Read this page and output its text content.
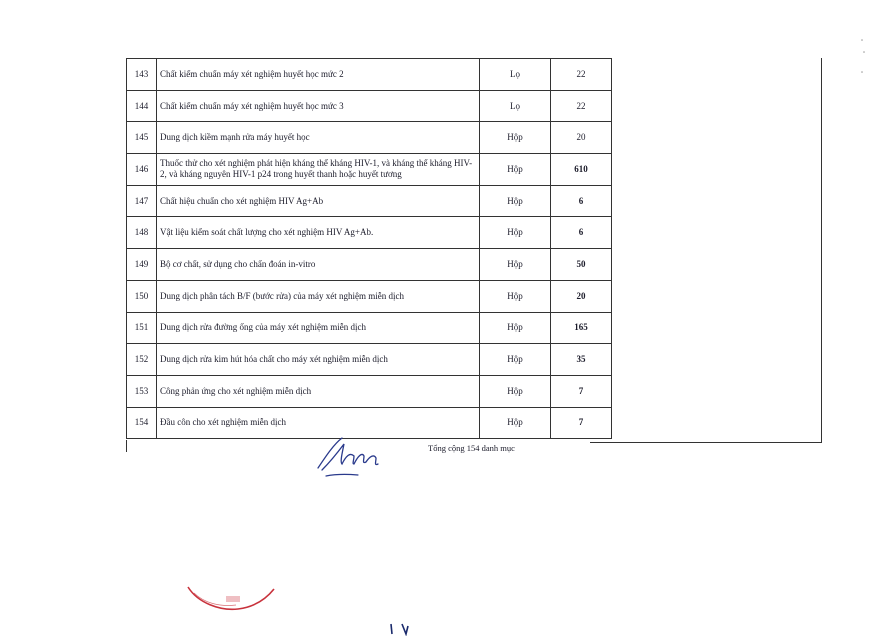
143	Chất kiểm chuẩn máy xét nghiệm huyết học mức 2	Lọ	22
144	Chất kiểm chuẩn máy xét nghiệm huyết học mức 3	Lọ	22
145	Dung dịch kiềm mạnh rửa máy huyết học	Hộp	20
146	Thuốc thử cho xét nghiệm phát hiện kháng thể kháng HIV-1, và kháng thể kháng HIV-2, và kháng nguyên HIV-1 p24 trong huyết thanh hoặc huyết tương	Hộp	610
147	Chất hiệu chuẩn cho xét nghiệm HIV Ag+Ab	Hộp	6
148	Vật liệu kiểm soát chất lượng cho xét nghiệm HIV Ag+Ab.	Hộp	6
149	Bộ cơ chất, sử dụng cho chẩn đoán in-vitro	Hộp	50
150	Dung dịch phân tách B/F (bước rửa) của máy xét nghiệm miễn dịch	Hộp	20
151	Dung dịch rửa đường ống của máy xét nghiệm miễn dịch	Hộp	165
152	Dung dịch rửa kim hút hóa chất cho máy xét nghiệm miễn dịch	Hộp	35
153	Công phản ứng cho xét nghiệm miễn dịch	Hộp	7
154	Đầu côn cho xét nghiệm miễn dịch	Hộp	7
Tổng cộng 154 danh mục
